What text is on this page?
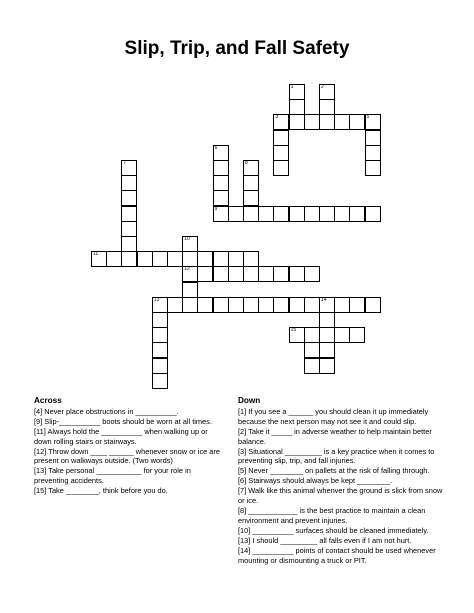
Slip, Trip, and Fall Safety
1	2
3	5
6
7	8
9
10
11
12
13	14
15
Across

[4] Never place obstructions in __________.

[9] Slip-__________ boots should be worn at all times.

[11] Always hold the __________ when walking up or down rolling stairs or stairways.

[12] Throw down ____ ______ whenever snow or ice are present on walkways outside. (Two words)

[13] Take personal ___________ for your role in preventing accidents.

[15] Take ________, think before you do.

Down

[1] If you see a ______ you should clean it up immediately because the next person may not see it and could slip.

[2] Take it _____ in adverse weather to help maintain better balance.

[3] Situational _________ is a key practice when it comes to preventing slip, trip, and fall injuries.

[5] Never ________ on pallets at the risk of falling through.

[6] Stairways should always be kept ________.

[7] Walk like this animal whenver the ground is slick from snow or ice.

[8] ____________ is the best practice to maintain a clean environment and prevent injuries.

[10] __________ surfaces should be cleaned immediately.

[13] I should _________ all falls even if I am not hurt.

[14] __________ points of contact should be used whenever mounting or dismounting a truck or PIT.
